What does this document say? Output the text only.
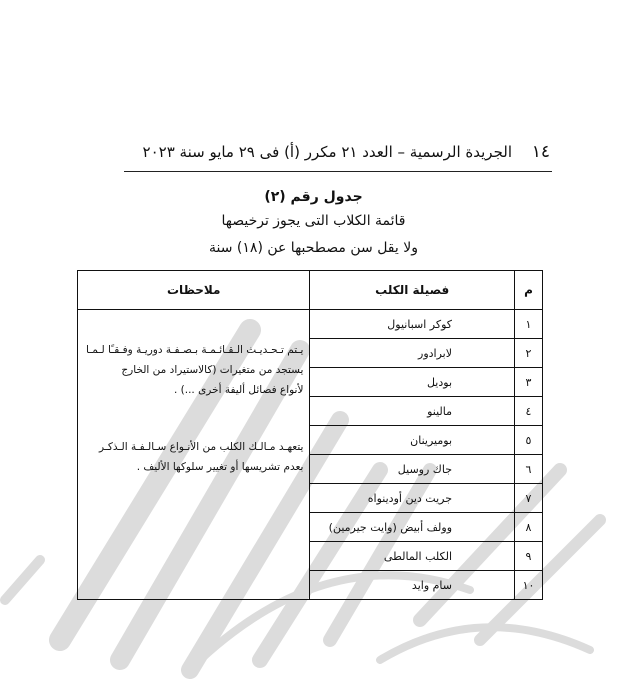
١٤
الجريدة الرسمية – العدد ٢١ مكرر (أ) فى ٢٩ مايو سنة ٢٠٢٣
جدول رقم (٢)
قائمة الكلاب التى يجوز ترخيصها
ولا يقل سن مصطحبها عن (١٨) سنة
م	فصيلة الكلب	ملاحظات
١	كوكر اسبانيول	يـتم تـحـديـث الـقـائـمـة بـصـفـة دوريـة وفـقـًا لـمـا
يستجد من متغيرات (كالاستيراد من الخارج
لأنواع فصائل أليفة أخرى ...) .
يتعهـد مـالـك الكلب من الأنـواع سـالـفـة الـذكـر
بعدم تشريسها أو تغيير سلوكها الأليف .

٢	لابرادور	

٣	بوديل	

٤	مالينو	

٥	بوميرينان	

٦	جاك روسيل	

٧	جريت دين أودينواه	

٨	وولف أبيض (وايت جيرمين)	

٩	الكلب المالطى	

١٠	سام وايد	
